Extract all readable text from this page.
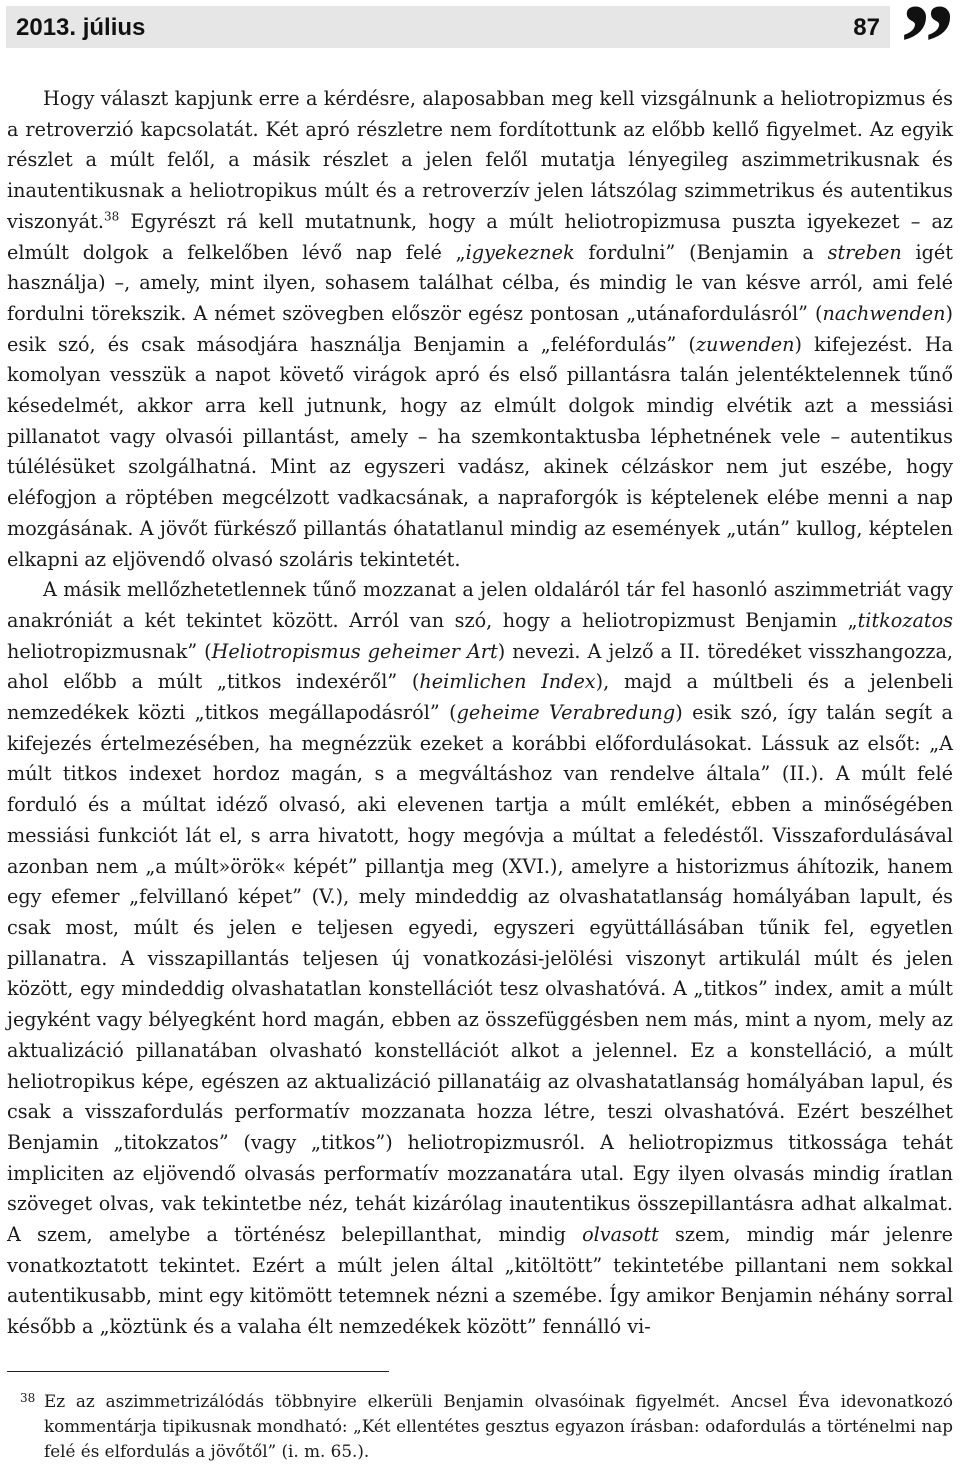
2013. július	87 ”

Hogy választ kapjunk erre a kérdésre, alaposabban meg kell vizsgálnunk a heliotropizmus és a retroverzió kapcsolatát. Két apró részletre nem fordítottunk az előbb kellő figyelmet. Az egyik részlet a múlt felől, a másik részlet a jelen felől mutatja lényegileg aszimmetrikusnak és inautentikusnak a heliotropikus múlt és a retroverzív jelen látszólag szimmetrikus és autentikus viszonyát.$^{38}$ Egyrészt rá kell mutatnunk, hogy a múlt heliotropizmusa puszta igyekezet – az elmúlt dolgok a felkelőben lévő nap felé „igyekeznek fordulni” (Benjamin a streben igét használja) –, amely, mint ilyen, sohasem találhat célba, és mindig le van késve arról, ami felé fordulni törekszik. A német szövegben először egész pontosan „utánafordulásról” (nachwenden) esik szó, és csak másodjára használja Benjamin a „feléfordulás” (zuwenden) kifejezést. Ha komolyan vesszük a napot követő virágok apró és első pillantásra talán jelentéktelennek tűnő késedelmét, akkor arra kell jutnunk, hogy az elmúlt dolgok mindig elvétik azt a messiási pillanatot vagy olvasói pillantást, amely – ha szemkontaktusba léphetnének vele – autentikus túlélésüket szolgálhatná. Mint az egyszeri vadász, akinek célzáskor nem jut eszébe, hogy eléfogjon a röptében megcélzott vadkacsának, a napraforgók is képtelenek elébe menni a nap mozgásának. A jövőt fürkésző pillantás óhatatlanul mindig az események „után” kullog, képtelen elkapni az eljövendő olvasó szoláris tekintetét.

A másik mellőzhetetlennek tűnő mozzanat a jelen oldaláról tár fel hasonló aszimmetriát vagy anakróniát a két tekintet között. Arról van szó, hogy a heliotropizmust Benjamin „titkozatos heliotropizmusnak” (Heliotropismus geheimer Art) nevezi. A jelző a II. töredéket visszhangozza, ahol előbb a múlt „titkos indexéről” (heimlichen Index), majd a múltbeli és a jelenbeli nemzedékek közti „titkos megállapodásról” (geheime Verabredung) esik szó, így talán segít a kifejezés értelmezésében, ha megnézzük ezeket a korábbi előfordulásokat. Lássuk az elsőt: „A múlt titkos indexet hordoz magán, s a megváltáshoz van rendelve általa” (II.). A múlt felé forduló és a múltat idéző olvasó, aki elevenen tartja a múlt emlékét, ebben a minőségében messiási funkciót lát el, s arra hivatott, hogy megóvja a múltat a feledéstől. Visszafordulásával azonban nem „a múlt»örök« képét” pillantja meg (XVI.), amelyre a historizmus áhítozik, hanem egy efemer „felvillanó képet” (V.), mely mindeddig az olvashatatlanság homályában lapult, és csak most, múlt és jelen e teljesen egyedi, egyszeri együttállásában tűnik fel, egyetlen pillanatra. A visszapillantás teljesen új vonatkozási-jelölési viszonyt artikulál múlt és jelen között, egy mindeddig olvashatatlan konstellációt tesz olvashatóvá. A „titkos” index, amit a múlt jegyként vagy bélyegként hord magán, ebben az összefüggésben nem más, mint a nyom, mely az aktualizáció pillanatában olvasható konstellációt alkot a jelennel. Ez a konstelláció, a múlt heliotropikus képe, egészen az aktualizáció pillanatáig az olvashatatlanság homályában lapul, és csak a visszafordulás performatív mozzanata hozza létre, teszi olvashatóvá. Ezért beszélhet Benjamin „titokzatos” (vagy „titkos”) heliotropizmusról. A heliotropizmus titkossága tehát impliciten az eljövendő olvasás performatív mozzanatára utal. Egy ilyen olvasás mindig íratlan szöveget olvas, vak tekintetbe néz, tehát kizárólag inautentikus összepillantásra adhat alkalmat. A szem, amelybe a történész belepillanthat, mindig olvasott szem, mindig már jelenre vonatkoztatott tekintet. Ezért a múlt jelen által „kitöltött” tekintetébe pillantani nem sokkal autentikusabb, mint egy kitömött tetemnek nézni a szemébe. Így amikor Benjamin néhány sorral később a „köztünk és a valaha élt nemzedékek között” fennálló vi-

38 Ez az aszimmetrizálódás többnyire elkerüli Benjamin olvasóinak figyelmét. Ancsel Éva idevonatkozó kommentárja tipikusnak mondható: „Két ellentétes gesztus egyazon írásban: odafordulás a történelmi nap felé és elfordulás a jövőtől” (i. m. 65.).
